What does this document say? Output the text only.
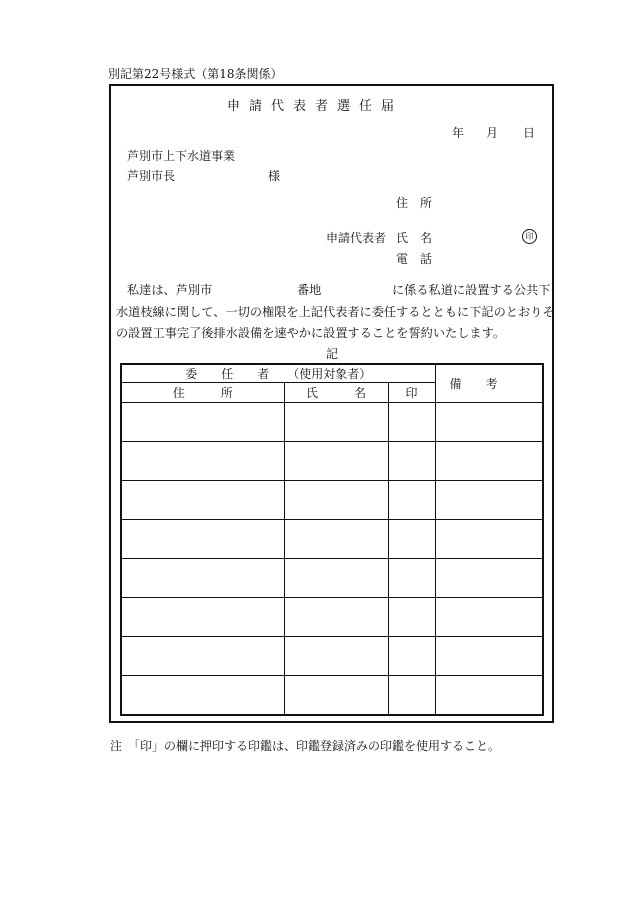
別記第22号様式（第18条関係）
申請代表者選任届
年 月 日
芦別市上下水道事業
芦別市長	様
住　所
申請代表者 氏　名	印
電　話
私達は、芦別市	番地	に係る私道に設置する公共下
水道枝線に関して、一切の権限を上記代表者に委任するとともに下記のとおりそ
の設置工事完了後排水設備を速やかに設置することを誓約いたします。
記
委　　任　　者　　（使用対象者）			備　　考

住　　　所	氏　　　名	印	

注　「印」の欄に押印する印鑑は、印鑑登録済みの印鑑を使用すること。
